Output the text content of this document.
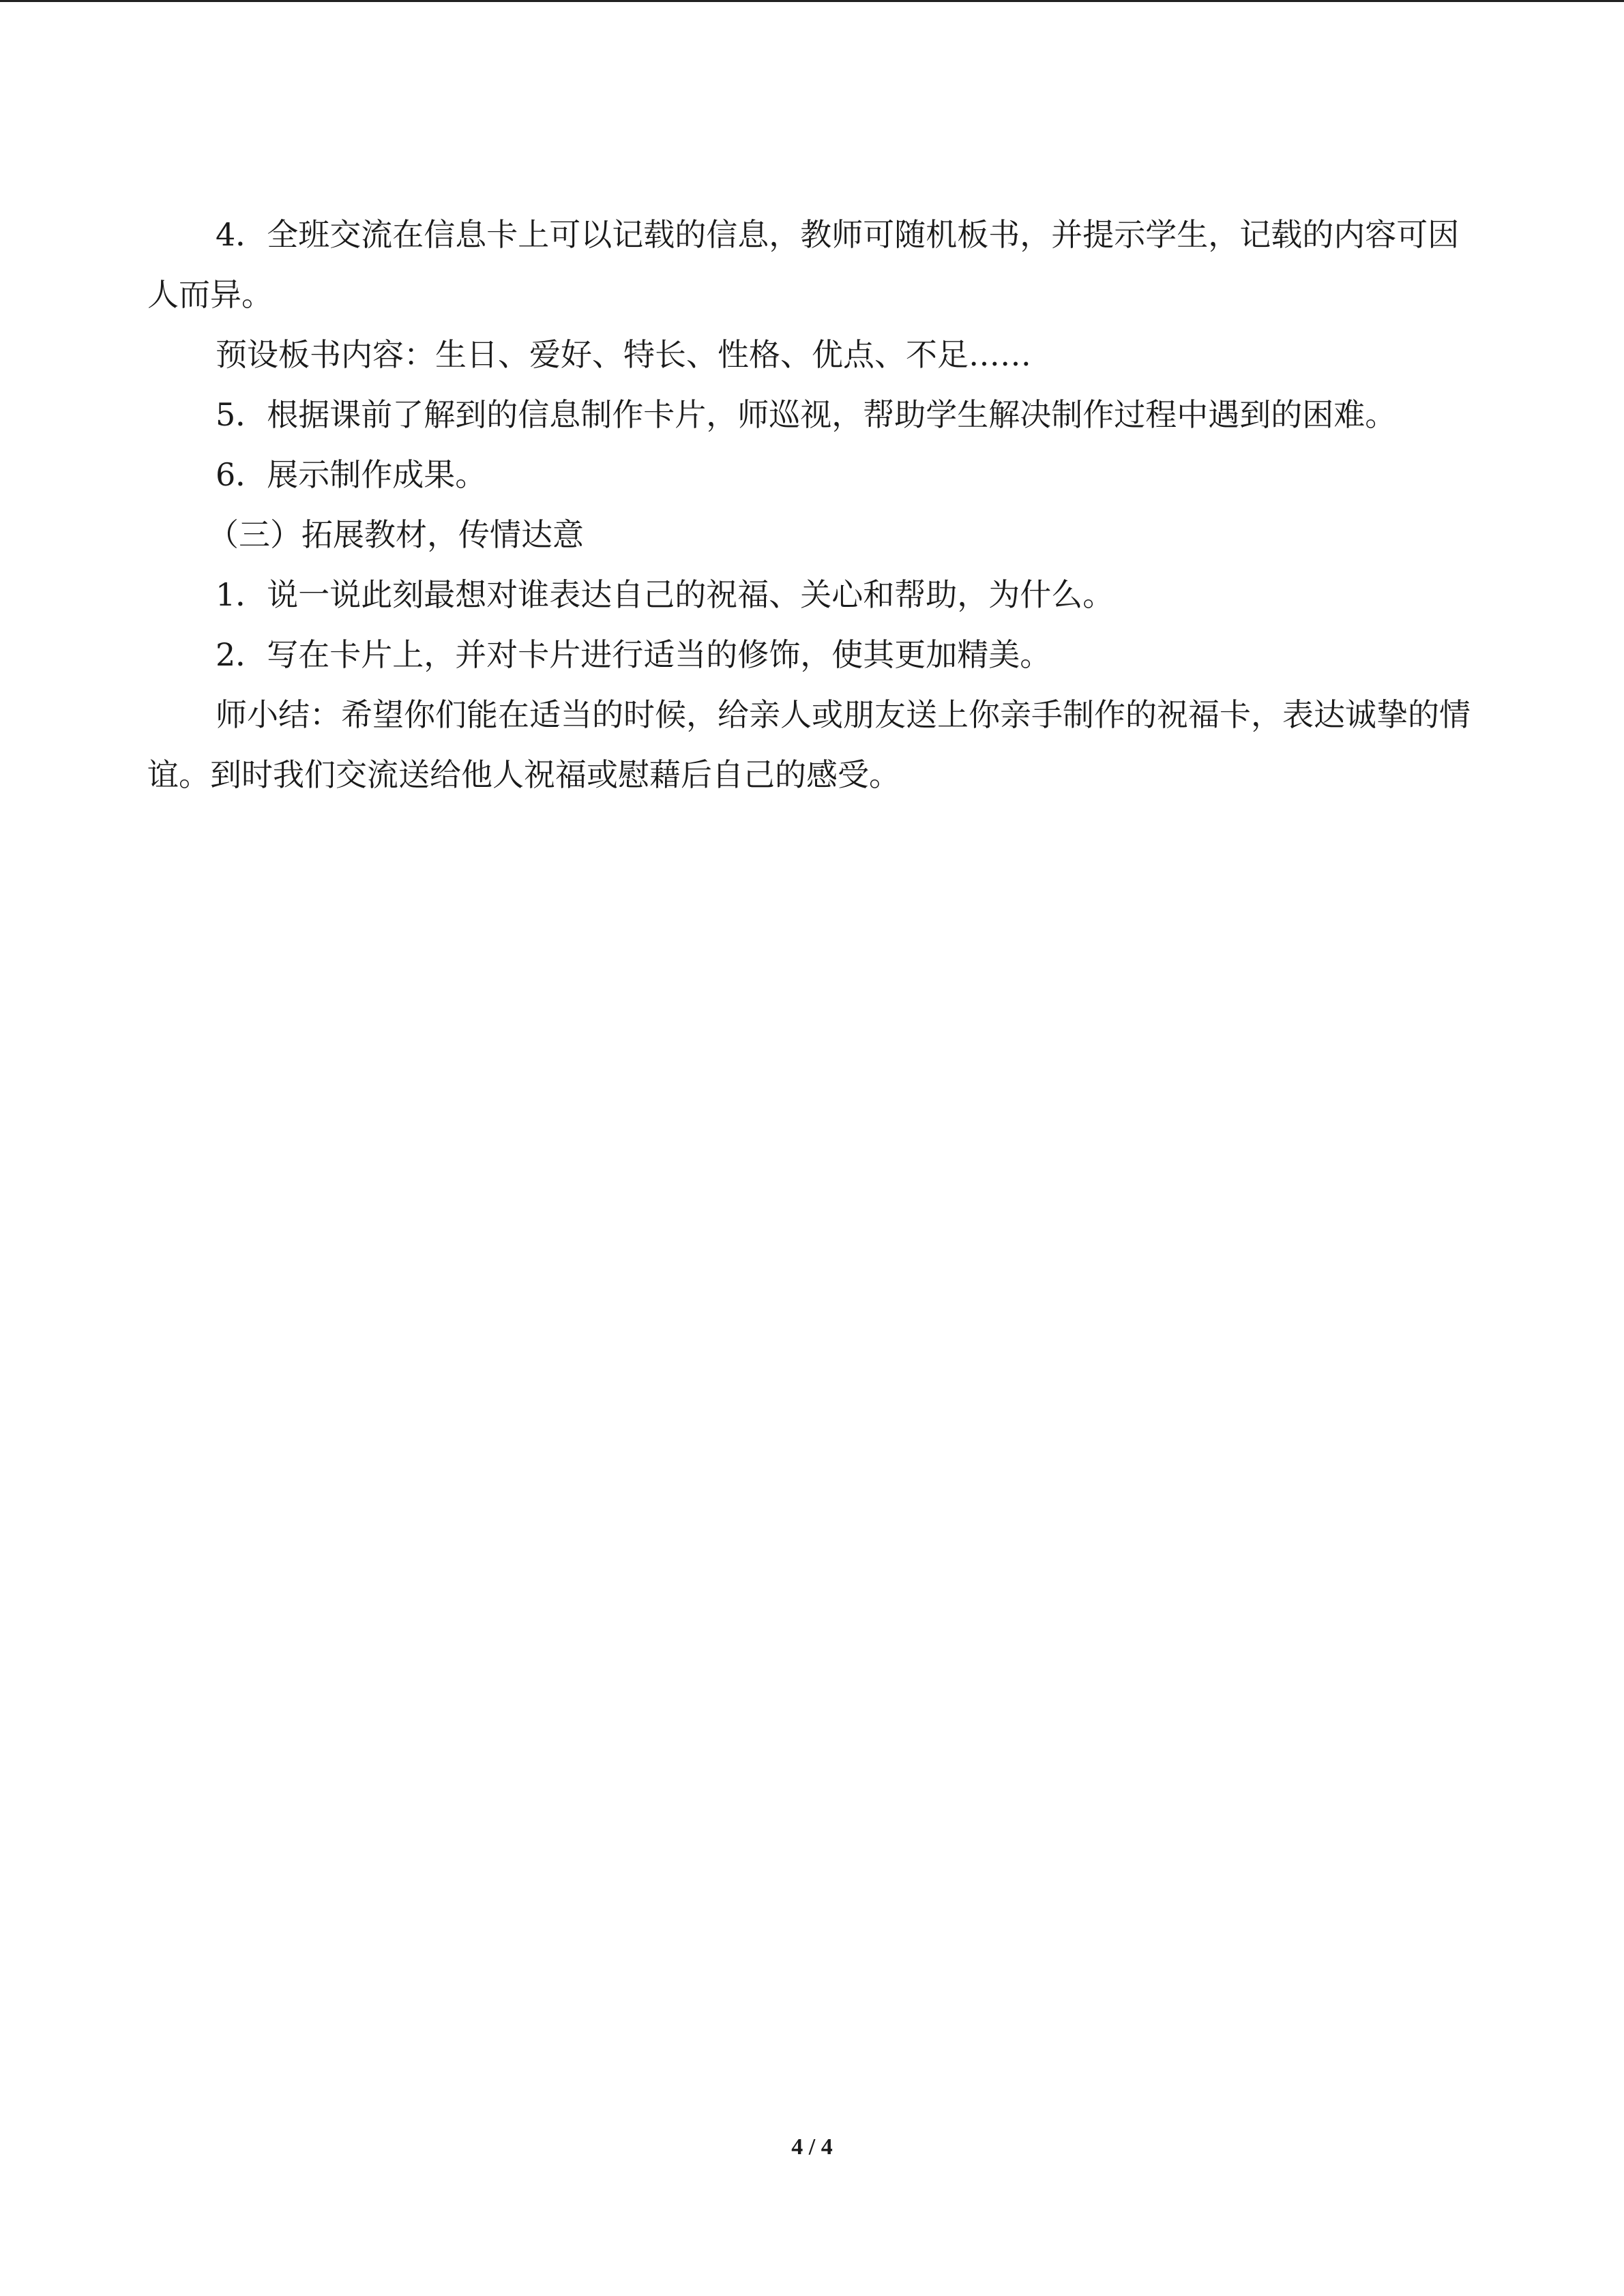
4．全班交流在信息卡上可以记载的信息，教师可随机板书，并提示学生，记载的内容可因人而异。

预设板书内容：生日、爱好、特长、性格、优点、不足……

5．根据课前了解到的信息制作卡片，师巡视，帮助学生解决制作过程中遇到的困难。

6．展示制作成果。

（三）拓展教材，传情达意

1．说一说此刻最想对谁表达自己的祝福、关心和帮助，为什么。

2．写在卡片上，并对卡片进行适当的修饰，使其更加精美。

师小结：希望你们能在适当的时候，给亲人或朋友送上你亲手制作的祝福卡，表达诚挚的情谊。到时我们交流送给他人祝福或慰藉后自己的感受。

4 / 4
